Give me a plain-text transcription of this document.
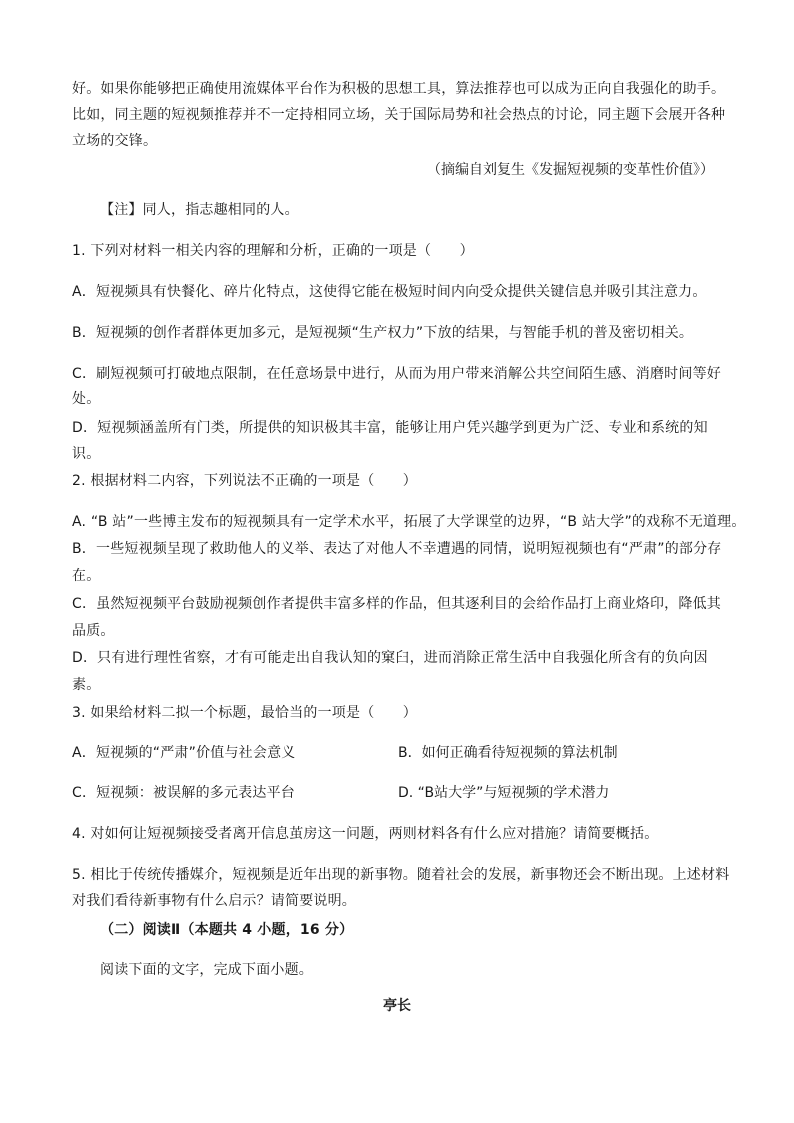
好。如果你能够把正确使用流媒体平台作为积极的思想工具，算法推荐也可以成为正向自我强化的助手。
比如，同主题的短视频推荐并不一定持相同立场，关于国际局势和社会热点的讨论，同主题下会展开各种
立场的交锋。
（摘编自刘复生《发掘短视频的变革性价值》）
【注】同人，指志趣相同的人。
1. 下列对材料一相关内容的理解和分析，正确的一项是（　　）
A．短视频具有快餐化、碎片化特点，这使得它能在极短时间内向受众提供关键信息并吸引其注意力。
B．短视频的创作者群体更加多元，是短视频“生产权力”下放的结果，与智能手机的普及密切相关。
C．刷短视频可打破地点限制，在任意场景中进行，从而为用户带来消解公共空间陌生感、消磨时间等好
处。
D．短视频涵盖所有门类，所提供的知识极其丰富，能够让用户凭兴趣学到更为广泛、专业和系统的知
识。
2. 根据材料二内容，下列说法不正确的一项是（　　）
A. “B 站”一些博主发布的短视频具有一定学术水平，拓展了大学课堂的边界，“B 站大学”的戏称不无道理。
B．一些短视频呈现了救助他人的义举、表达了对他人不幸遭遇的同情，说明短视频也有“严肃”的部分存
在。
C．虽然短视频平台鼓励视频创作者提供丰富多样的作品，但其逐利目的会给作品打上商业烙印，降低其
品质。
D．只有进行理性省察，才有可能走出自我认知的窠臼，进而消除正常生活中自我强化所含有的负向因
素。
3. 如果给材料二拟一个标题，最恰当的一项是（　　）
A．短视频的“严肃”价值与社会意义	B．如何正确看待短视频的算法机制
C．短视频：被误解的多元表达平台	D. “B站大学”与短视频的学术潜力
4. 对如何让短视频接受者离开信息茧房这一问题，两则材料各有什么应对措施？请简要概括。
5. 相比于传统传播媒介，短视频是近年出现的新事物。随着社会的发展，新事物还会不断出现。上述材料
对我们看待新事物有什么启示？请简要说明。
（二）阅读Ⅱ（本题共 4 小题，16 分）
阅读下面的文字，完成下面小题。
亭长
